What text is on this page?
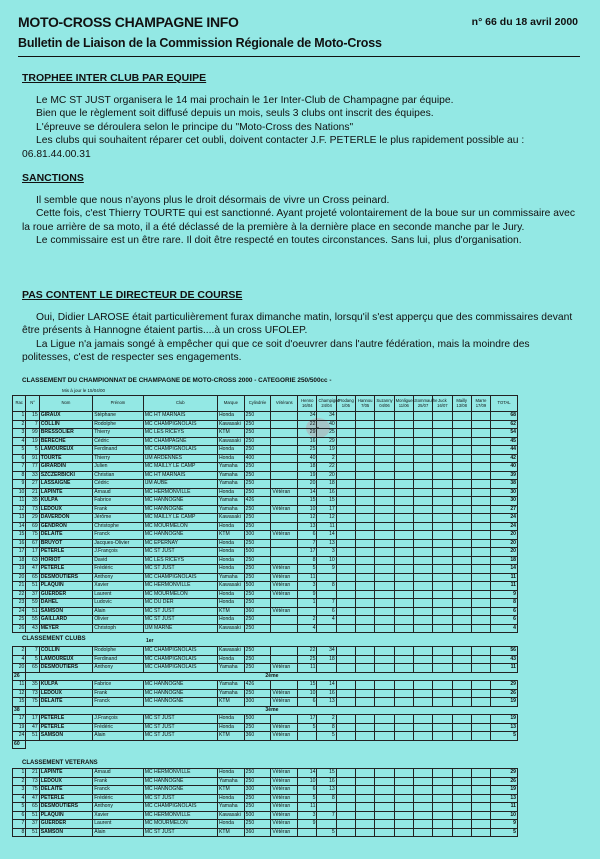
MOTO-CROSS CHAMPAGNE INFO	n° 66 du 18 avril 2000
Bulletin de Liaison de la Commission Régionale de Moto-Cross
TROPHEE INTER CLUB PAR EQUIPE

Le MC ST JUST organisera le 14 mai prochain le 1er Inter-Club de Champagne par équipe.

Bien que le règlement soit diffusé depuis un mois, seuls 3 clubs ont inscrit des équipes.

L'épreuve se déroulera selon le principe du "Moto-Cross des Nations"

Les clubs qui souhaitent réparer cet oubli, doivent contacter J.F. PETERLE le plus rapidement possible au : 06.81.44.00.31

SANCTIONS

Il semble que nous n'ayons plus le droit désormais de vivre un Cross peinard.

Cette fois, c'est Thierry TOURTE qui est sanctionné. Ayant projeté volontairement de la boue sur un commissaire avec la roue arrière de sa moto, il a été déclassé de la première à la dernière place en seconde manche par le Jury.

Le commissaire est un être rare. Il doit être respecté en toutes circonstances. Sans lui, plus d'organisation.

PAS CONTENT LE DIRECTEUR DE COURSE

Oui, Didier LAROSE était particulièrement furax dimanche matin, lorsqu'il s'est apperçu que des commissaires devant être présents à Hannogne étaient partis....à un cross UFOLEP.

La Ligue n'a jamais songé à empêcher qui que ce soit d'oeuvrer dans l'autre fédération, mais la moindre des politesses, c'est de respecter ses engagements.

CLASSEMENT DU CHAMPIONNAT DE CHAMPAGNE DE MOTO-CROSS 2000 - CATEGORIE 250/500cc -
Mis à jour le 15/04/00
●
Rac	N°	Nom	Prénom	Club	Marque	Cylindrée	Vétérans	Henno 16/04	Champigno 24/04	Prodang 1/05	Hannou 7/05	Suzanny 04/06	Monligues 11/06	Sommauthe 25/07	Juck 16/07	Mailly 13/08	Marre 17/09	TOTAL
1	15	GIRAUX	Stéphane	MC HT MARNAIS	Honda	250		34	34									68
2	7	COLLIN	Rodolphe	MC CHAMPIGNOLAIS	Kawasaki	250		22	40									62
3	99	BRESSOLIER	Thierry	MC LES RICEYS	KTM	250		29	25									54
4	19	BERECHE	Cédric	MC CHAMPAGNE	Kawasaki	250		16	29									45
5	5	LAMOUREUX	Ferdinand	MC CHAMPIGNOLAIS	Honda	250		25	19									44
6	91	TOURTE	Thierry	UM ARDENNES	Honda	400		40	2									42
7	77	GIRARDIN	Julien	MC MAILLY LE CAMP	Yamaha	250		18	22									40
8	33	SZCZERBICKI	Christian	MC HT MARNAIS	Yamaha	250		19	20									39
9	27	LASSAIGNE	Cédric	UM AUBE	Yamaha	250		20	18									38
10	21	LAPINTE	Arnaud	MC HERMONVILLE	Honda	250	Vétéran	14	16									30
11	35	KULPA	Fabrice	MC HANNOGNE	Yamaha	426		15	15									30
12	73	LEDOUX	Frank	MC HANNOGNE	Yamaha	250	Vétéran	10	17									27
13	29	DAVERDON	Jérôme	MC MAILLY LE CAMP	Kawasaki	250		12	12									24
14	69	GENDRON	Christophe	MC MOURMELON	Honda	250		13	11									24
15	75	DELAITE	Franck	MC HANNOGNE	KTM	300	Vétéran	6	14									20
16	67	BRUYOT	Jacques-Olivier	MC EPERNAY	Honda	250		7	13									20
17	17	PETERLE	J.François	MC ST JUST	Honda	500		17	3									20
18	63	HORIOT	David	MC LES RICEYS	Honda	250		8	10									18
19	47	PETERLE	Frédéric	MC ST JUST	Honda	250	Vétéran	5	9									14
20	65	DESMOUTIERS	Anthony	MC CHAMPIGNOLAIS	Yamaha	250	Vétéran	11										11
21	51	PLAQUIN	Xavier	MC HERMONVILLE	Kawasaki	500	Vétéran	3	8									11
22	37	GUERDER	Laurent	MC MOURMELON	Honda	250	Vétéran	9										9
23	59	DAHEL	Ludovic	MC DU DER	Honda	250		1	7									8
24	51	SAMSON	Alain	MC ST JUST	KTM	360	Vétéran		6									6
25	55	GAILLARD	Olivier	MC ST JUST	Honda	250		2	4									6
26	43	MEYER	Christoph	UM MARNE	Kawasaki	250		4										4
CLASSEMENT CLUBS	1er
2	7	COLLIN	Rodolphe	MC CHAMPIGNOLAIS	Kawasaki	250		22	34									56
4	5	LAMOUREUX	Ferdinand	MC CHAMPIGNOLAIS	Honda	250		25	18									43
20	65	DESMOUTIERS	Anthony	MC CHAMPIGNOLAIS	Yamaha	250	Vétéran	11										11
26	2ème																	
11	35	KULPA	Fabrice	MC HANNOGNE	Yamaha	426		15	14									29
12	73	LEDOUX	Frank	MC HANNOGNE	Yamaha	250	Vétéran	10	16									26
15	75	DELAITE	Franck	MC HANNOGNE	KTM	300	Vétéran	6	13									19
38	3ème																	
17	17	PETERLE	J.François	MC ST JUST	Honda	500		17	2									19
19	47	PETERLE	Frédéric	MC ST JUST	Honda	250	Vétéran	5	8									13
24	51	SAMSON	Alain	MC ST JUST	KTM	360	Vétéran		5									5
60																		
CLASSEMENT VETERANS
1	21	LAPINTE	Arnaud	MC HERMONVILLE	Honda	250	Vétéran	14	15									29
2	73	LEDOUX	Frank	MC HANNOGNE	Yamaha	250	Vétéran	10	16									26
3	75	DELAITE	Franck	MC HANNOGNE	KTM	300	Vétéran	6	13									19
4	47	PETERLE	Frédéric	MC ST JUST	Honda	250	Vétéran	5	8									13
5	65	DESMOUTIERS	Anthony	MC CHAMPIGNOLAIS	Yamaha	250	Vétéran	11										11
6	51	PLAQUIN	Xavier	MC HERMONVILLE	Kawasaki	500	Vétéran	3	7									10
7	37	GUERDER	Laurent	MC MOURMELON	Honda	250	Vétéran	9										9
8	51	SAMSON	Alain	MC ST JUST	KTM	360	Vétéran		5									5
